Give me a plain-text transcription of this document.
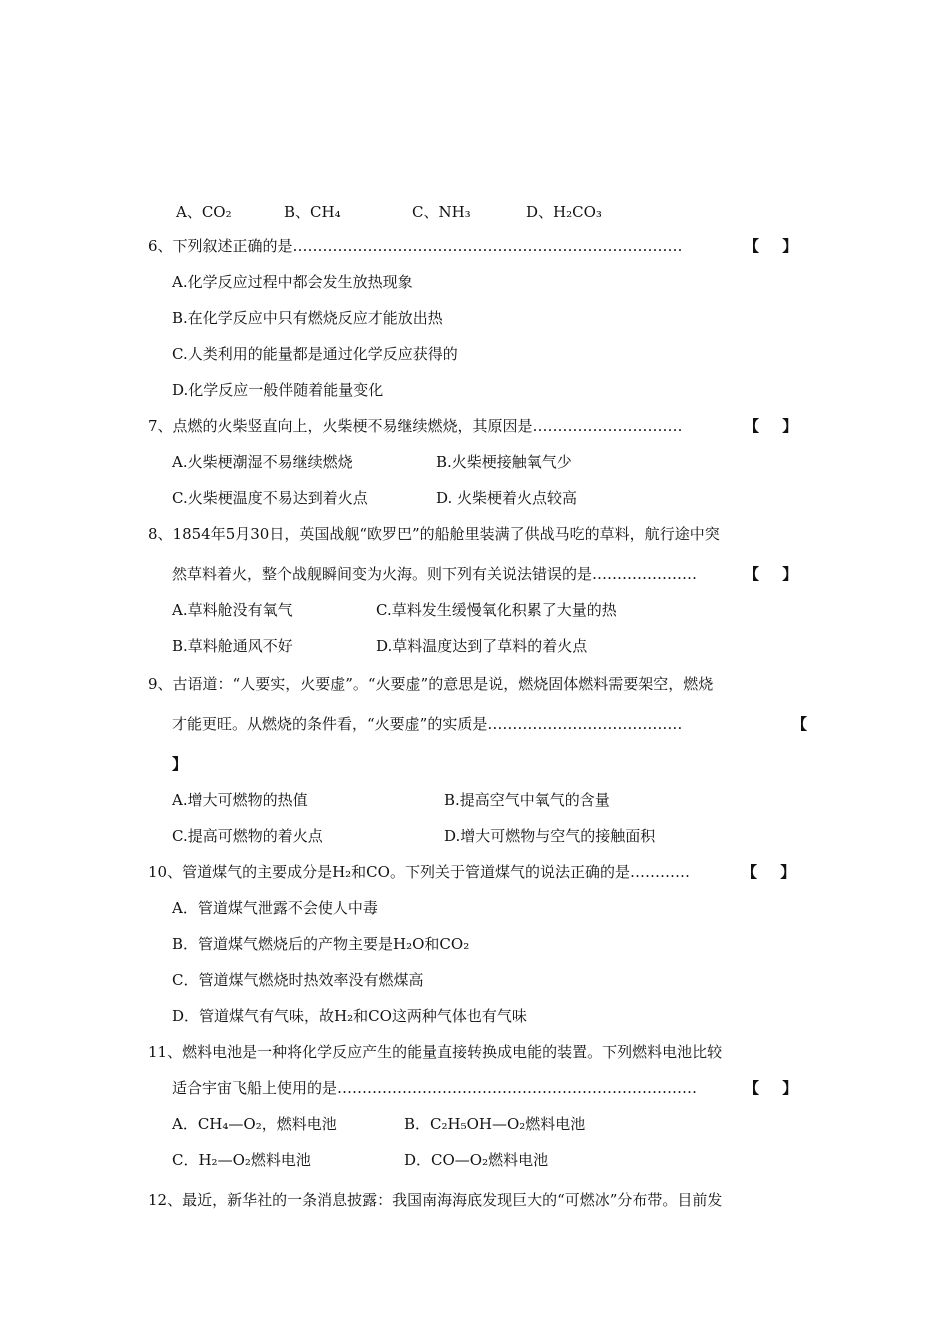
A、CO₂	B、CH₄	C、NH₃	D、H₂CO₃
6、下列叙述正确的是……………………………………………………………………	【 】
A.化学反应过程中都会发生放热现象
B.在化学反应中只有燃烧反应才能放出热
C.人类利用的能量都是通过化学反应获得的
D.化学反应一般伴随着能量变化
7、点燃的火柴竖直向上，火柴梗不易继续燃烧，其原因是…………………………	【 】
A.火柴梗潮湿不易继续燃烧	B.火柴梗接触氧气少
C.火柴梗温度不易达到着火点	D. 火柴梗着火点较高
8、1854年5月30日，英国战舰“欧罗巴”的船舱里装满了供战马吃的草料，航行途中突
然草料着火，整个战舰瞬间变为火海。则下列有关说法错误的是…………………	【 】
A.草料舱没有氧气	C.草料发生缓慢氧化积累了大量的热
B.草料舱通风不好	D.草料温度达到了草料的着火点
9、古语道：“人要实，火要虚”。“火要虚”的意思是说，燃烧固体燃料需要架空，燃烧
才能更旺。从燃烧的条件看，“火要虚”的实质是…………………………………	【
】
A.增大可燃物的热值	B.提高空气中氧气的含量
C.提高可燃物的着火点	D.增大可燃物与空气的接触面积
10、管道煤气的主要成分是H₂和CO。下列关于管道煤气的说法正确的是…………	【 】
A．管道煤气泄露不会使人中毒
B．管道煤气燃烧后的产物主要是H₂O和CO₂
C．管道煤气燃烧时热效率没有燃煤高
D．管道煤气有气味，故H₂和CO这两种气体也有气味
11、燃料电池是一种将化学反应产生的能量直接转换成电能的装置。下列燃料电池比较
适合宇宙飞船上使用的是………………………………………………………………	【 】
A．CH₄—O₂，燃料电池	B．C₂H₅OH—O₂燃料电池
C．H₂—O₂燃料电池	D．CO—O₂燃料电池
12、最近，新华社的一条消息披露：我国南海海底发现巨大的“可燃冰”分布带。目前发
